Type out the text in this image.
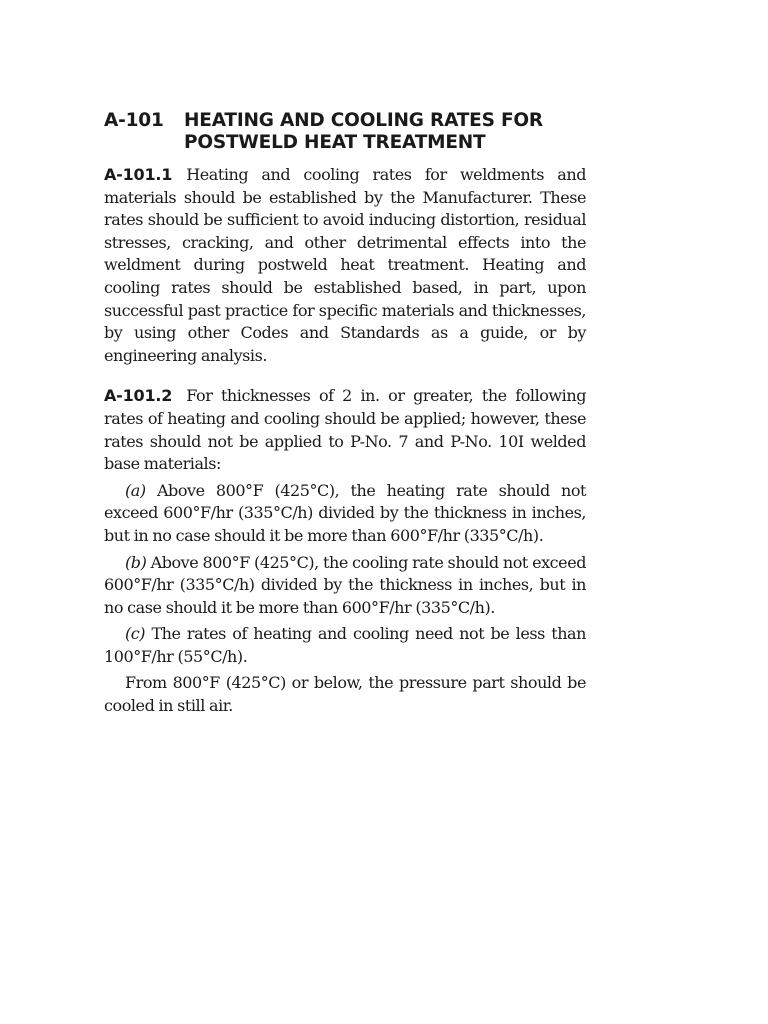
A-101	HEATING AND COOLING RATES FOR POSTWELD HEAT TREATMENT

A-101.1 Heating and cooling rates for weldments and materials should be established by the Manufacturer. These rates should be sufficient to avoid inducing distortion, residual stresses, cracking, and other detrimental effects into the weldment during postweld heat treatment. Heating and cooling rates should be established based, in part, upon successful past practice for specific materials and thicknesses, by using other Codes and Standards as a guide, or by engineering analysis.

A-101.2 For thicknesses of 2 in. or greater, the following rates of heating and cooling should be applied; however, these rates should not be applied to P-No. 7 and P-No. 10I welded base materials:

(a) Above 800°F (425°C), the heating rate should not exceed 600°F/hr (335°C/h) divided by the thickness in inches, but in no case should it be more than 600°F/hr (335°C/h).

(b) Above 800°F (425°C), the cooling rate should not exceed 600°F/hr (335°C/h) divided by the thickness in inches, but in no case should it be more than 600°F/hr (335°C/h).

(c) The rates of heating and cooling need not be less than 100°F/hr (55°C/h).

From 800°F (425°C) or below, the pressure part should be cooled in still air.
